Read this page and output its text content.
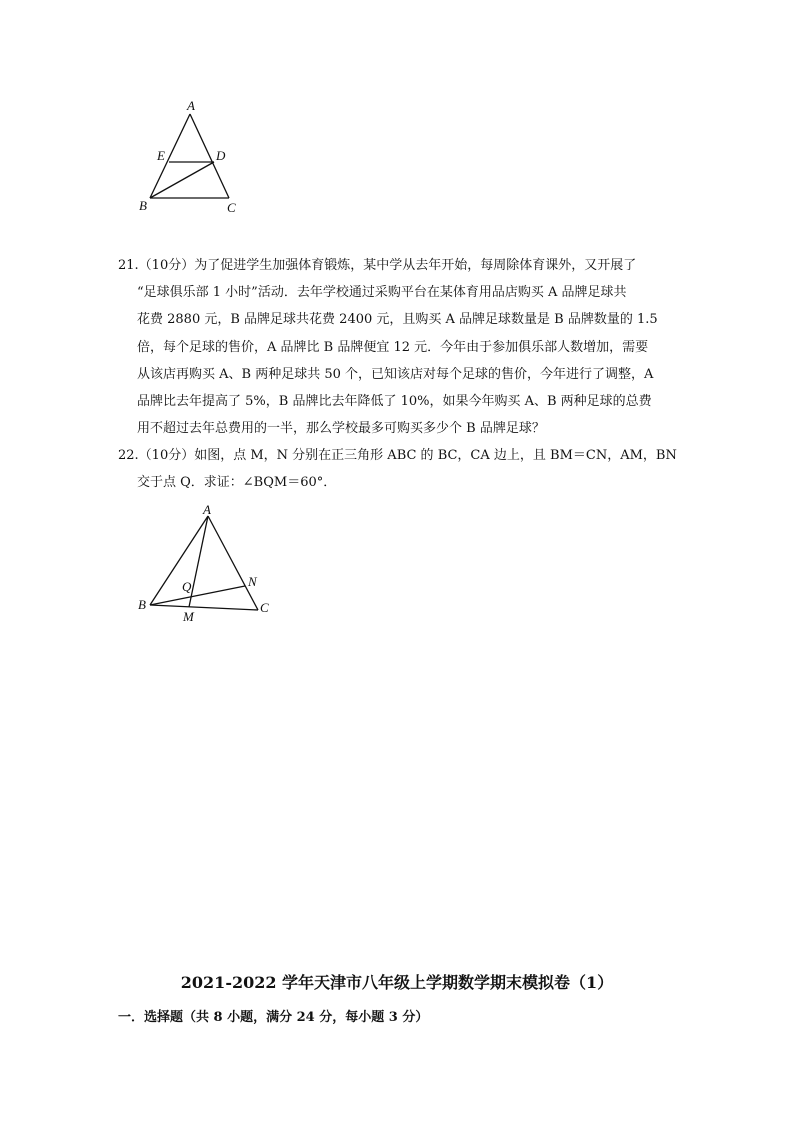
A
E	D
B	C
21.（10分）为了促进学生加强体育锻炼，某中学从去年开始，每周除体育课外，又开展了
“足球俱乐部 1 小时”活动．去年学校通过采购平台在某体育用品店购买 A 品牌足球共
花费 2880 元，B 品牌足球共花费 2400 元，且购买 A 品牌足球数量是 B 品牌数量的 1.5
倍，每个足球的售价，A 品牌比 B 品牌便宜 12 元．今年由于参加俱乐部人数增加，需要
从该店再购买 A、B 两种足球共 50 个，已知该店对每个足球的售价，今年进行了调整，A
品牌比去年提高了 5%，B 品牌比去年降低了 10%，如果今年购买 A、B 两种足球的总费
用不超过去年总费用的一半，那么学校最多可购买多少个 B 品牌足球？
22.（10分）如图，点 M，N 分别在正三角形 ABC 的 BC，CA 边上，且 BM＝CN，AM，BN
交于点 Q．求证：∠BQM＝60°．
A
Q	N
B
M
C
2021-2022 学年天津市八年级上学期数学期末模拟卷（1）
一．选择题（共 8 小题，满分 24 分，每小题 3 分）
